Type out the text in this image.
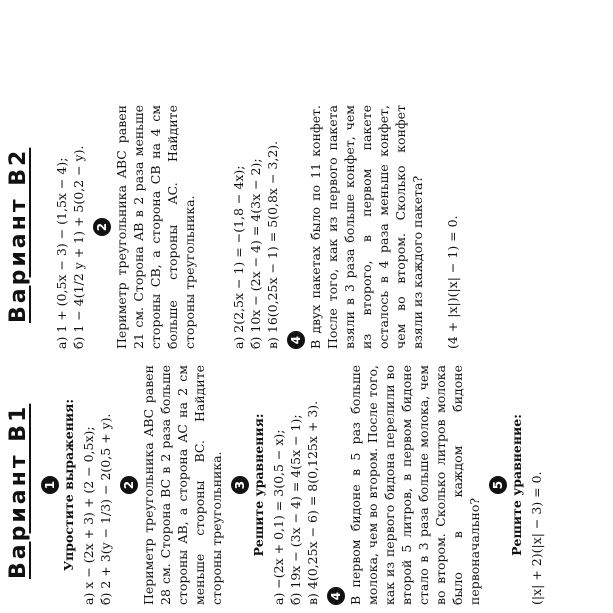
Вариант В1 1 Упростите выражения: а) x − (2x + 3) + (2 − 0,5x); б) 2 + 3(y − 1/3) − 2(0,5 + y). 2 Периметр треугольника ABC равен 28 см. Сторона BC в 2 раза больше стороны AB, а сторона AC на 2 см меньше стороны BC. Найдите стороны треугольника. 3 Решите уравнения: а) −(2x + 0,1) = 3(0,5 − x); б) 19x − (3x − 4) = 4(5x − 1); в) 4(0,25x − 6) = 8(0,125x + 3). 4 В первом бидоне в 5 раз больше молока, чем во втором. После того, как из первого бидона перелили во второй 5 литров, в первом бидоне стало в 3 раза больше молока, чем во втором. Сколько литров молока было в каждом бидоне первоначально?

5 Решите уравнение: (|x| + 2)(|x| − 3) = 0.
Вариант В2 а) 1 + (0,5x − 3) − (1,5x − 4); б) 1 − 4(1/2 y + 1) + 5(0,2 − y). 2 Периметр треугольника ABC равен 21 см. Сторона AB в 2 раза меньше стороны CB, а сторона CB на 4 см больше стороны AC. Найдите стороны треугольника.	а) 2(2,5x − 1) = −(1,8 − 4x); б) 10x − (2x − 4) = 4(3x − 2); в) 16(0,25x − 1) = 5(0,8x − 3,2). 4 В двух пакетах было по 11 конфет. После того, как из первого пакета взяли в 3 раза больше конфет, чем из второго, в первом пакете осталось в 4 раза меньше конфет, чем во втором. Сколько конфет взяли из каждого пакета? (4 + |x|)(|x| − 1) = 0.
